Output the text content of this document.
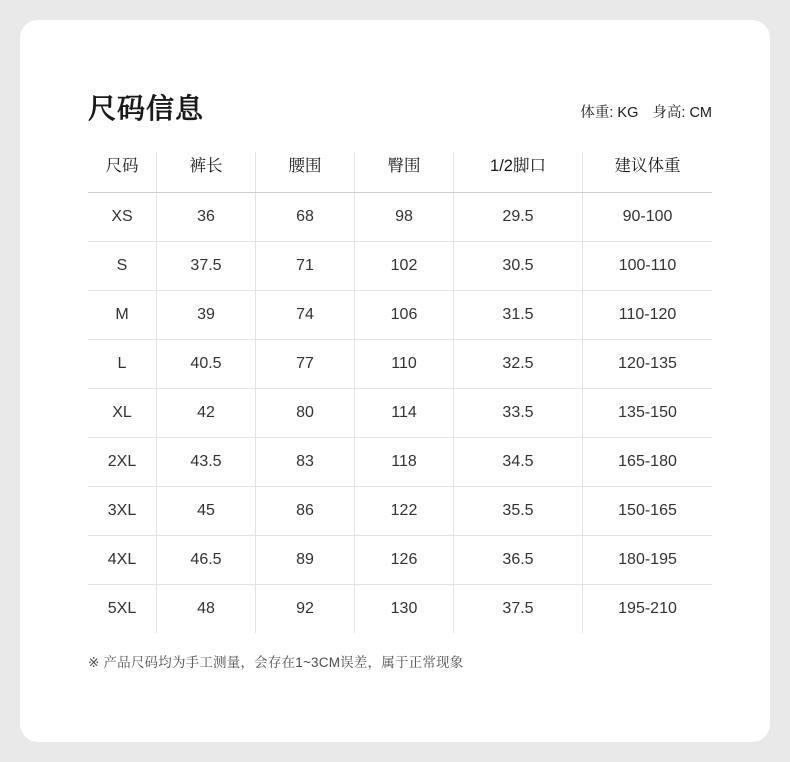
尺码信息	体重: KG 身高: CM
尺码	裤长	腰围	臀围	1/2脚口	建议体重
XS	36	68	98	29.5	90-100
S	37.5	71	102	30.5	100-110
M	39	74	106	31.5	110-120
L	40.5	77	110	32.5	120-135
XL	42	80	114	33.5	135-150
2XL	43.5	83	118	34.5	165-180
3XL	45	86	122	35.5	150-165
4XL	46.5	89	126	36.5	180-195
5XL	48	92	130	37.5	195-210
※ 产品尺码均为手工测量，会存在1~3CM误差，属于正常现象
